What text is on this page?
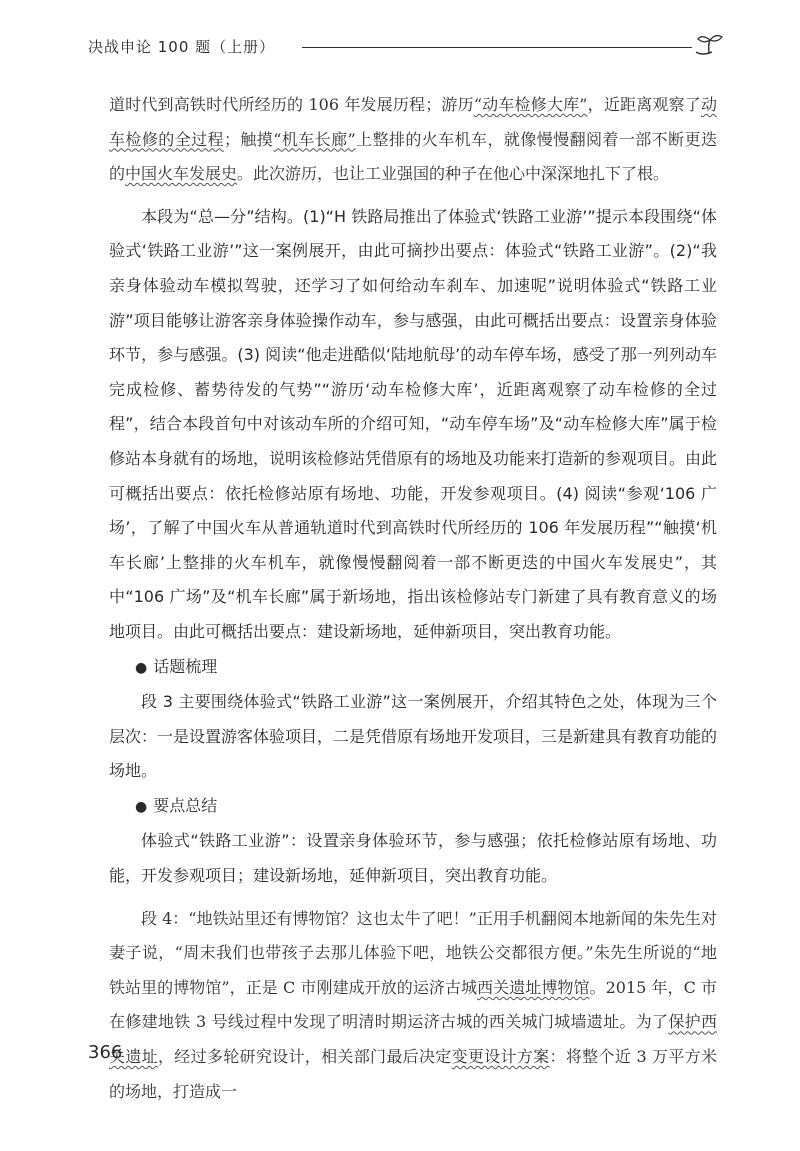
决战申论 100 题（上册）

道时代到高铁时代所经历的 106 年发展历程；游历“动车检修大库”，近距离观察了动车检修的全过程；触摸“机车长廊”上整排的火车机车，就像慢慢翻阅着一部不断更迭的中国火车发展史。此次游历，也让工业强国的种子在他心中深深地扎下了根。

本段为“总—分”结构。(1)“H 铁路局推出了体验式‘铁路工业游’”提示本段围绕“体验式‘铁路工业游’”这一案例展开，由此可摘抄出要点：体验式“铁路工业游”。(2)“我亲身体验动车模拟驾驶，还学习了如何给动车刹车、加速呢”说明体验式“铁路工业游”项目能够让游客亲身体验操作动车，参与感强，由此可概括出要点：设置亲身体验环节，参与感强。(3) 阅读“他走进酷似‘陆地航母’的动车停车场，感受了那一列列动车完成检修、蓄势待发的气势”“游历‘动车检修大库’，近距离观察了动车检修的全过程”，结合本段首句中对该动车所的介绍可知，“动车停车场”及“动车检修大库”属于检修站本身就有的场地，说明该检修站凭借原有的场地及功能来打造新的参观项目。由此可概括出要点：依托检修站原有场地、功能，开发参观项目。(4) 阅读“参观‘106 广场’，了解了中国火车从普通轨道时代到高铁时代所经历的 106 年发展历程”“触摸‘机车长廊’上整排的火车机车，就像慢慢翻阅着一部不断更迭的中国火车发展史”，其中“106 广场”及“机车长廊”属于新场地，指出该检修站专门新建了具有教育意义的场地项目。由此可概括出要点：建设新场地，延伸新项目，突出教育功能。

● 话题梳理

段 3 主要围绕体验式“铁路工业游”这一案例展开，介绍其特色之处，体现为三个层次：一是设置游客体验项目，二是凭借原有场地开发项目，三是新建具有教育功能的场地。

● 要点总结

体验式“铁路工业游”：设置亲身体验环节，参与感强；依托检修站原有场地、功能，开发参观项目；建设新场地，延伸新项目，突出教育功能。

段 4：“地铁站里还有博物馆？这也太牛了吧！”正用手机翻阅本地新闻的朱先生对妻子说，“周末我们也带孩子去那儿体验下吧，地铁公交都很方便。”朱先生所说的“地铁站里的博物馆”，正是 C 市刚建成开放的运济古城西关遗址博物馆。2015 年，C 市在修建地铁 3 号线过程中发现了明清时期运济古城的西关城门城墙遗址。为了保护西关遗址，经过多轮研究设计，相关部门最后决定变更设计方案：将整个近 3 万平方米的场地，打造成一

366
